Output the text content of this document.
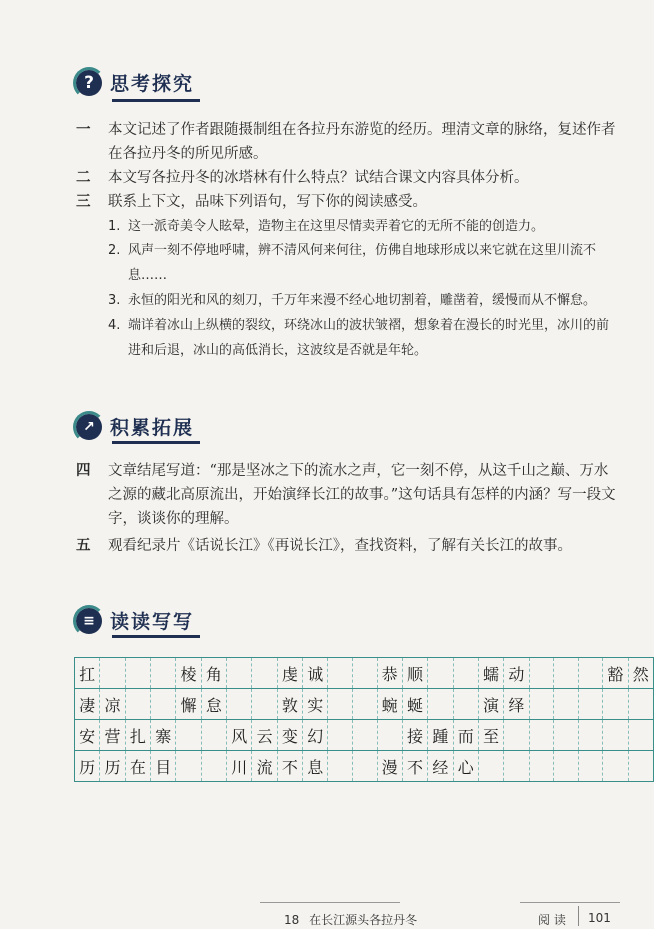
? 思考探究
一	本文记述了作者跟随摄制组在各拉丹东游览的经历。理清文章的脉络，复述作者在各拉丹冬的所见所感。
二	本文写各拉丹冬的冰塔林有什么特点？试结合课文内容具体分析。
三	联系上下文，品味下列语句，写下你的阅读感受。
1. 这一派奇美令人眩晕，造物主在这里尽情卖弄着它的无所不能的创造力。
2. 风声一刻不停地呼啸，辨不清风何来何往，仿佛自地球形成以来它就在这里川流不息……
3. 永恒的阳光和风的刻刀，千万年来漫不经心地切割着，雕凿着，缓慢而从不懈怠。
4. 端详着冰山上纵横的裂纹，环绕冰山的波状皱褶，想象着在漫长的时光里，冰川的前进和后退，冰山的高低消长，这波纹是否就是年轮。
↗ 积累拓展
四	文章结尾写道：“那是坚冰之下的流水之声，它一刻不停，从这千山之巅、万水之源的藏北高原流出，开始演绎长江的故事。”这句话具有怎样的内涵？写一段文字，谈谈你的理解。
五	观看纪录片《话说长江》《再说长江》，查找资料，了解有关长江的故事。
≡ 读读写写
扛				棱	角			虔	诚			恭	顺			蠕	动				豁	然
凄	凉			懈	怠			敦	实			蜿	蜒			演	绎					
安	营	扎	寨			风	云	变	幻				接	踵	而	至						
历	历	在	目			川	流	不	息			漫	不	经	心							
18 在长江源头各拉丹冬	阅 读 101
